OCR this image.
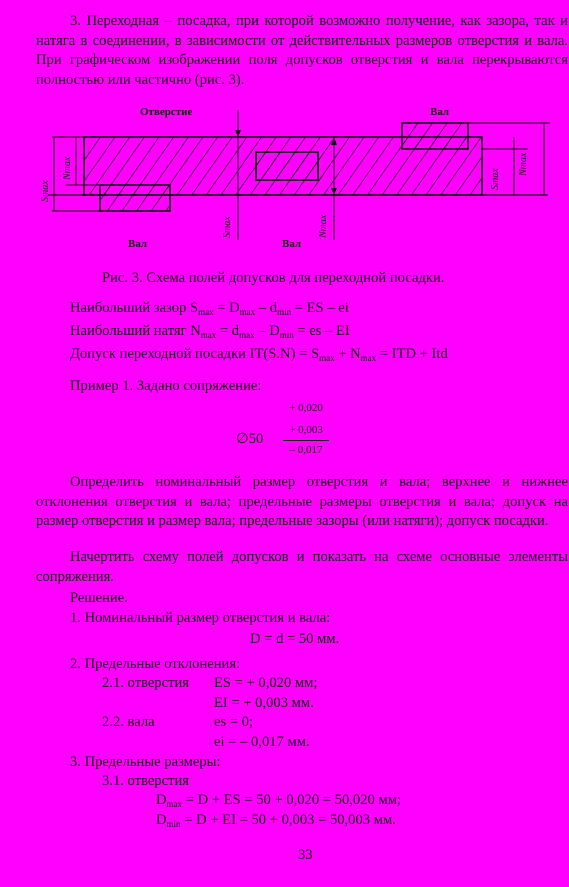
3. Переходная – посадка, при которой возможно получение, как зазора, так и натяга в соединении, в зависимости от действительных размеров отверстия и вала. При графическом изображении поля допусков отверстия и вала перекрываются полностью или частично (рис. 3).
Отверстие	Вал
Вал	Вал
Smax
Nmax	Smax
Nmax
Smax	Nmax
Рис. 3. Схема полей допусков для переходной посадки.
Наибольший зазор $S_{max} = D_{max} - d_{min}$ = ES – ei
Наибольший натяг $N_{max} = d_{max} - D_{min}$ = es – EI
Допуск переходной посадки $IT(S.N) = S_{max} + N_{max}$ = ITD + Itd
Пример 1. Задано сопряжение:
+ 0,020
∅50
+ 0,003
– 0,017
Определить номинальный размер отверстия и вала; верхнее и нижнее отклонения отверстия и вала; предельные размеры отверстия и вала; допуск на размер отверстия и размер вала; предельные зазоры (или натяги); допуск посадки.
Начертить схему полей допусков и показать на схеме основные элементы сопряжения.
Решение.
1. Номинальный размер отверстия и вала:
D = d = 50 мм.
2. Предельные отклонения:
2.1. отверстия ES = + 0,020 мм;
EI = + 0,003 мм.
2.2. вала	es = 0;
ei = – 0,017 мм.
3. Предельные размеры:
3.1. отверстия
$D_{max} = D$ + ES = 50 + 0,020 = 50,020 мм;
$D_{min} = D$ + EI = 50 + 0,003 = 50,003 мм.
33
